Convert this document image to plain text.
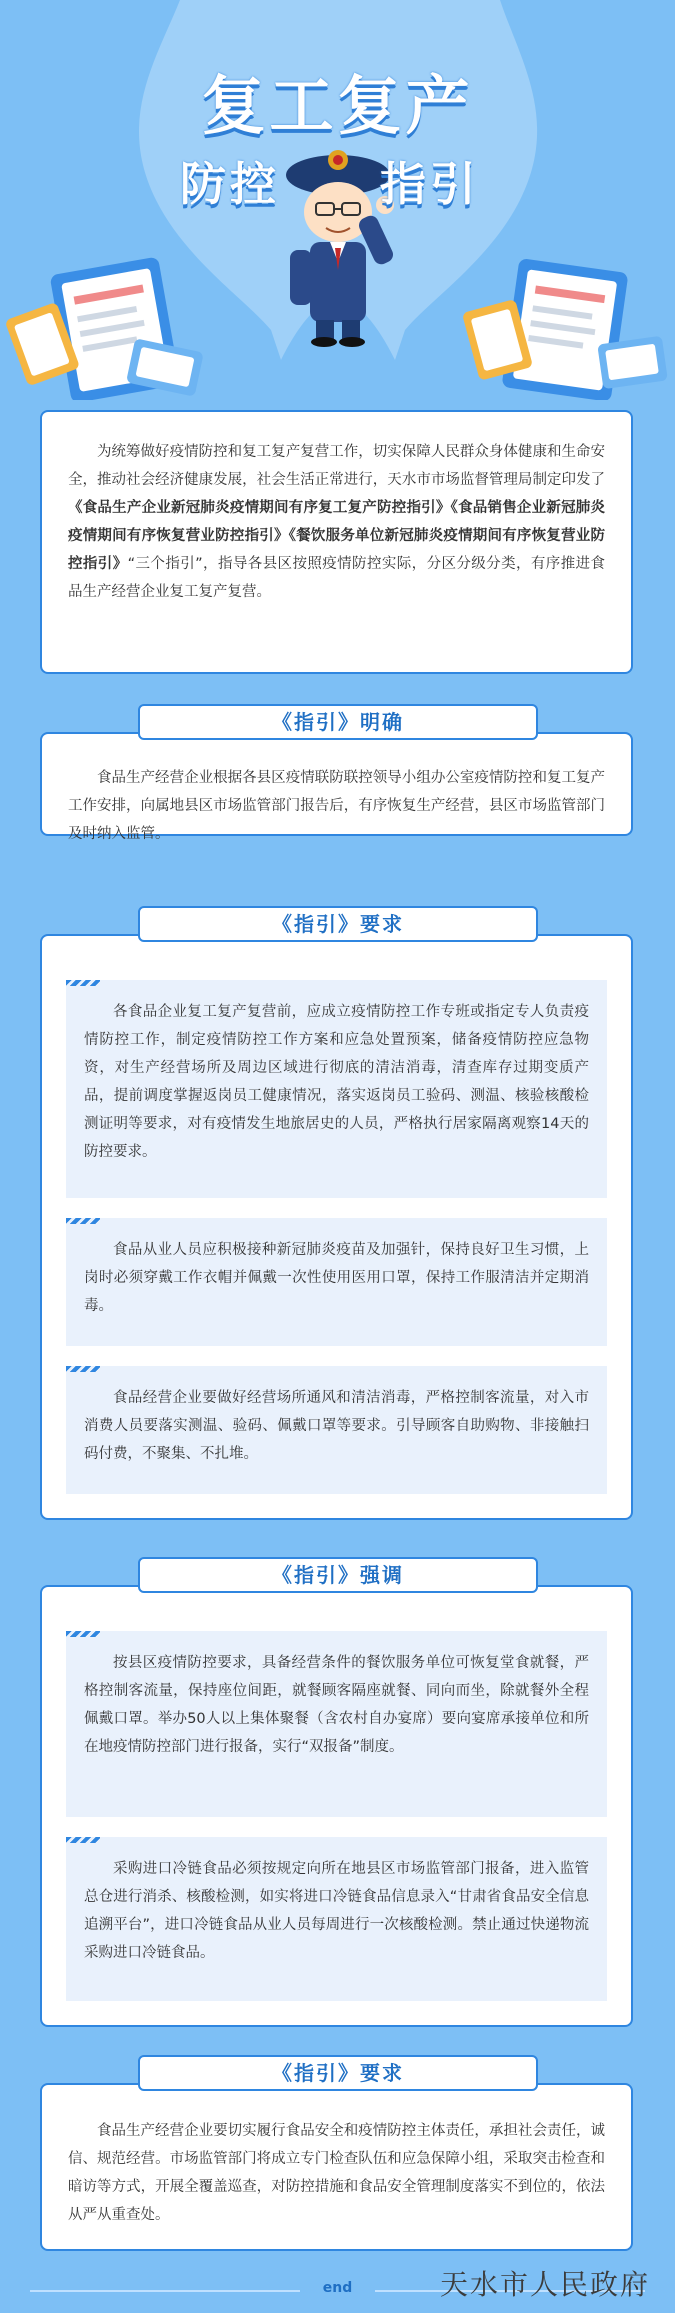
复工复产
防控	指引

为统筹做好疫情防控和复工复产复营工作，切实保障人民群众身体健康和生命安全，推动社会经济健康发展，社会生活正常进行，天水市市场监督管理局制定印发了《食品生产企业新冠肺炎疫情期间有序复工复产防控指引》《食品销售企业新冠肺炎疫情期间有序恢复营业防控指引》《餐饮服务单位新冠肺炎疫情期间有序恢复营业防控指引》“三个指引”，指导各县区按照疫情防控实际，分区分级分类，有序推进食品生产经营企业复工复产复营。

食品生产经营企业根据各县区疫情联防联控领导小组办公室疫情防控和复工复产工作安排，向属地县区市场监管部门报告后，有序恢复生产经营，县区市场监管部门及时纳入监管。

《指引》明确

各食品企业复工复产复营前，应成立疫情防控工作专班或指定专人负责疫情防控工作，制定疫情防控工作方案和应急处置预案，储备疫情防控应急物资，对生产经营场所及周边区域进行彻底的清洁消毒，清查库存过期变质产品，提前调度掌握返岗员工健康情况，落实返岗员工验码、测温、核验核酸检测证明等要求，对有疫情发生地旅居史的人员，严格执行居家隔离观察14天的防控要求。

食品从业人员应积极接种新冠肺炎疫苗及加强针，保持良好卫生习惯，上岗时必须穿戴工作衣帽并佩戴一次性使用医用口罩，保持工作服清洁并定期消毒。

食品经营企业要做好经营场所通风和清洁消毒，严格控制客流量，对入市消费人员要落实测温、验码、佩戴口罩等要求。引导顾客自助购物、非接触扫码付费，不聚集、不扎堆。

《指引》要求

按县区疫情防控要求，具备经营条件的餐饮服务单位可恢复堂食就餐，严格控制客流量，保持座位间距，就餐顾客隔座就餐、同向而坐，除就餐外全程佩戴口罩。举办50人以上集体聚餐（含农村自办宴席）要向宴席承接单位和所在地疫情防控部门进行报备，实行“双报备”制度。

采购进口冷链食品必须按规定向所在地县区市场监管部门报备，进入监管总仓进行消杀、核酸检测，如实将进口冷链食品信息录入“甘肃省食品安全信息追溯平台”，进口冷链食品从业人员每周进行一次核酸检测。禁止通过快递物流采购进口冷链食品。

《指引》强调

食品生产经营企业要切实履行食品安全和疫情防控主体责任，承担社会责任，诚信、规范经营。市场监管部门将成立专门检查队伍和应急保障小组，采取突击检查和暗访等方式，开展全覆盖巡查，对防控措施和食品安全管理制度落实不到位的，依法从严从重查处。

《指引》要求
end	天水市人民政府
